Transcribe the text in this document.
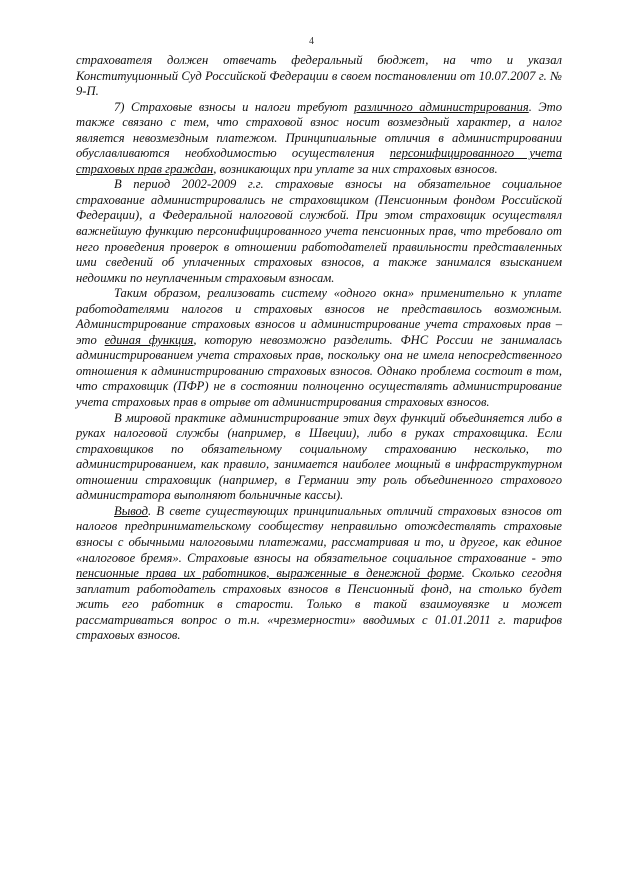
4

страхователя должен отвечать федеральный бюджет, на что и указал Конституционный Суд Российской Федерации в своем постановлении от 10.07.2007 г. № 9-П.

7) Страховые взносы и налоги требуют различного администрирования. Это также связано с тем, что страховой взнос носит возмездный характер, а налог является невозмездным платежом. Принципиальные отличия в администрировании обуславливаются необходимостью осуществления персонифицированного учета страховых прав граждан, возникающих при уплате за них страховых взносов.

В период 2002-2009 г.г. страховые взносы на обязательное социальное страхование администрировались не страховщиком (Пенсионным фондом Российской Федерации), а Федеральной налоговой службой. При этом страховщик осуществлял важнейшую функцию персонифицированного учета пенсионных прав, что требовало от него проведения проверок в отношении работодателей правильности представленных ими сведений об уплаченных страховых взносов, а также занимался взысканием недоимки по неуплаченным страховым взносам.

Таким образом, реализовать систему «одного окна» применительно к уплате работодателями налогов и страховых взносов не представилось возможным. Администрирование страховых взносов и администрирование учета страховых прав – это единая функция, которую невозможно разделить. ФНС России не занималась администрированием учета страховых прав, поскольку она не имела непосредственного отношения к администрированию страховых взносов. Однако проблема состоит в том, что страховщик (ПФР) не в состоянии полноценно осуществлять администрирование учета страховых прав в отрыве от администрирования страховых взносов.

В мировой практике администрирование этих двух функций объединяется либо в руках налоговой службы (например, в Швеции), либо в руках страховщика. Если страховщиков по обязательному социальному страхованию несколько, то администрированием, как правило, занимается наиболее мощный в инфраструктурном отношении страховщик (например, в Германии эту роль объединенного страхового администратора выполняют больничные кассы).

Вывод. В свете существующих принципиальных отличий страховых взносов от налогов предпринимательскому сообществу неправильно отождествлять страховые взносы с обычными налоговыми платежами, рассматривая и то, и другое, как единое «налоговое бремя». Страховые взносы на обязательное социальное страхование - это пенсионные права их работников, выраженные в денежной форме. Сколько сегодня заплатит работодатель страховых взносов в Пенсионный фонд, на столько будет жить его работник в старости. Только в такой взаимоувязке и может рассматриваться вопрос о т.н. «чрезмерности» вводимых с 01.01.2011 г. тарифов страховых взносов.
